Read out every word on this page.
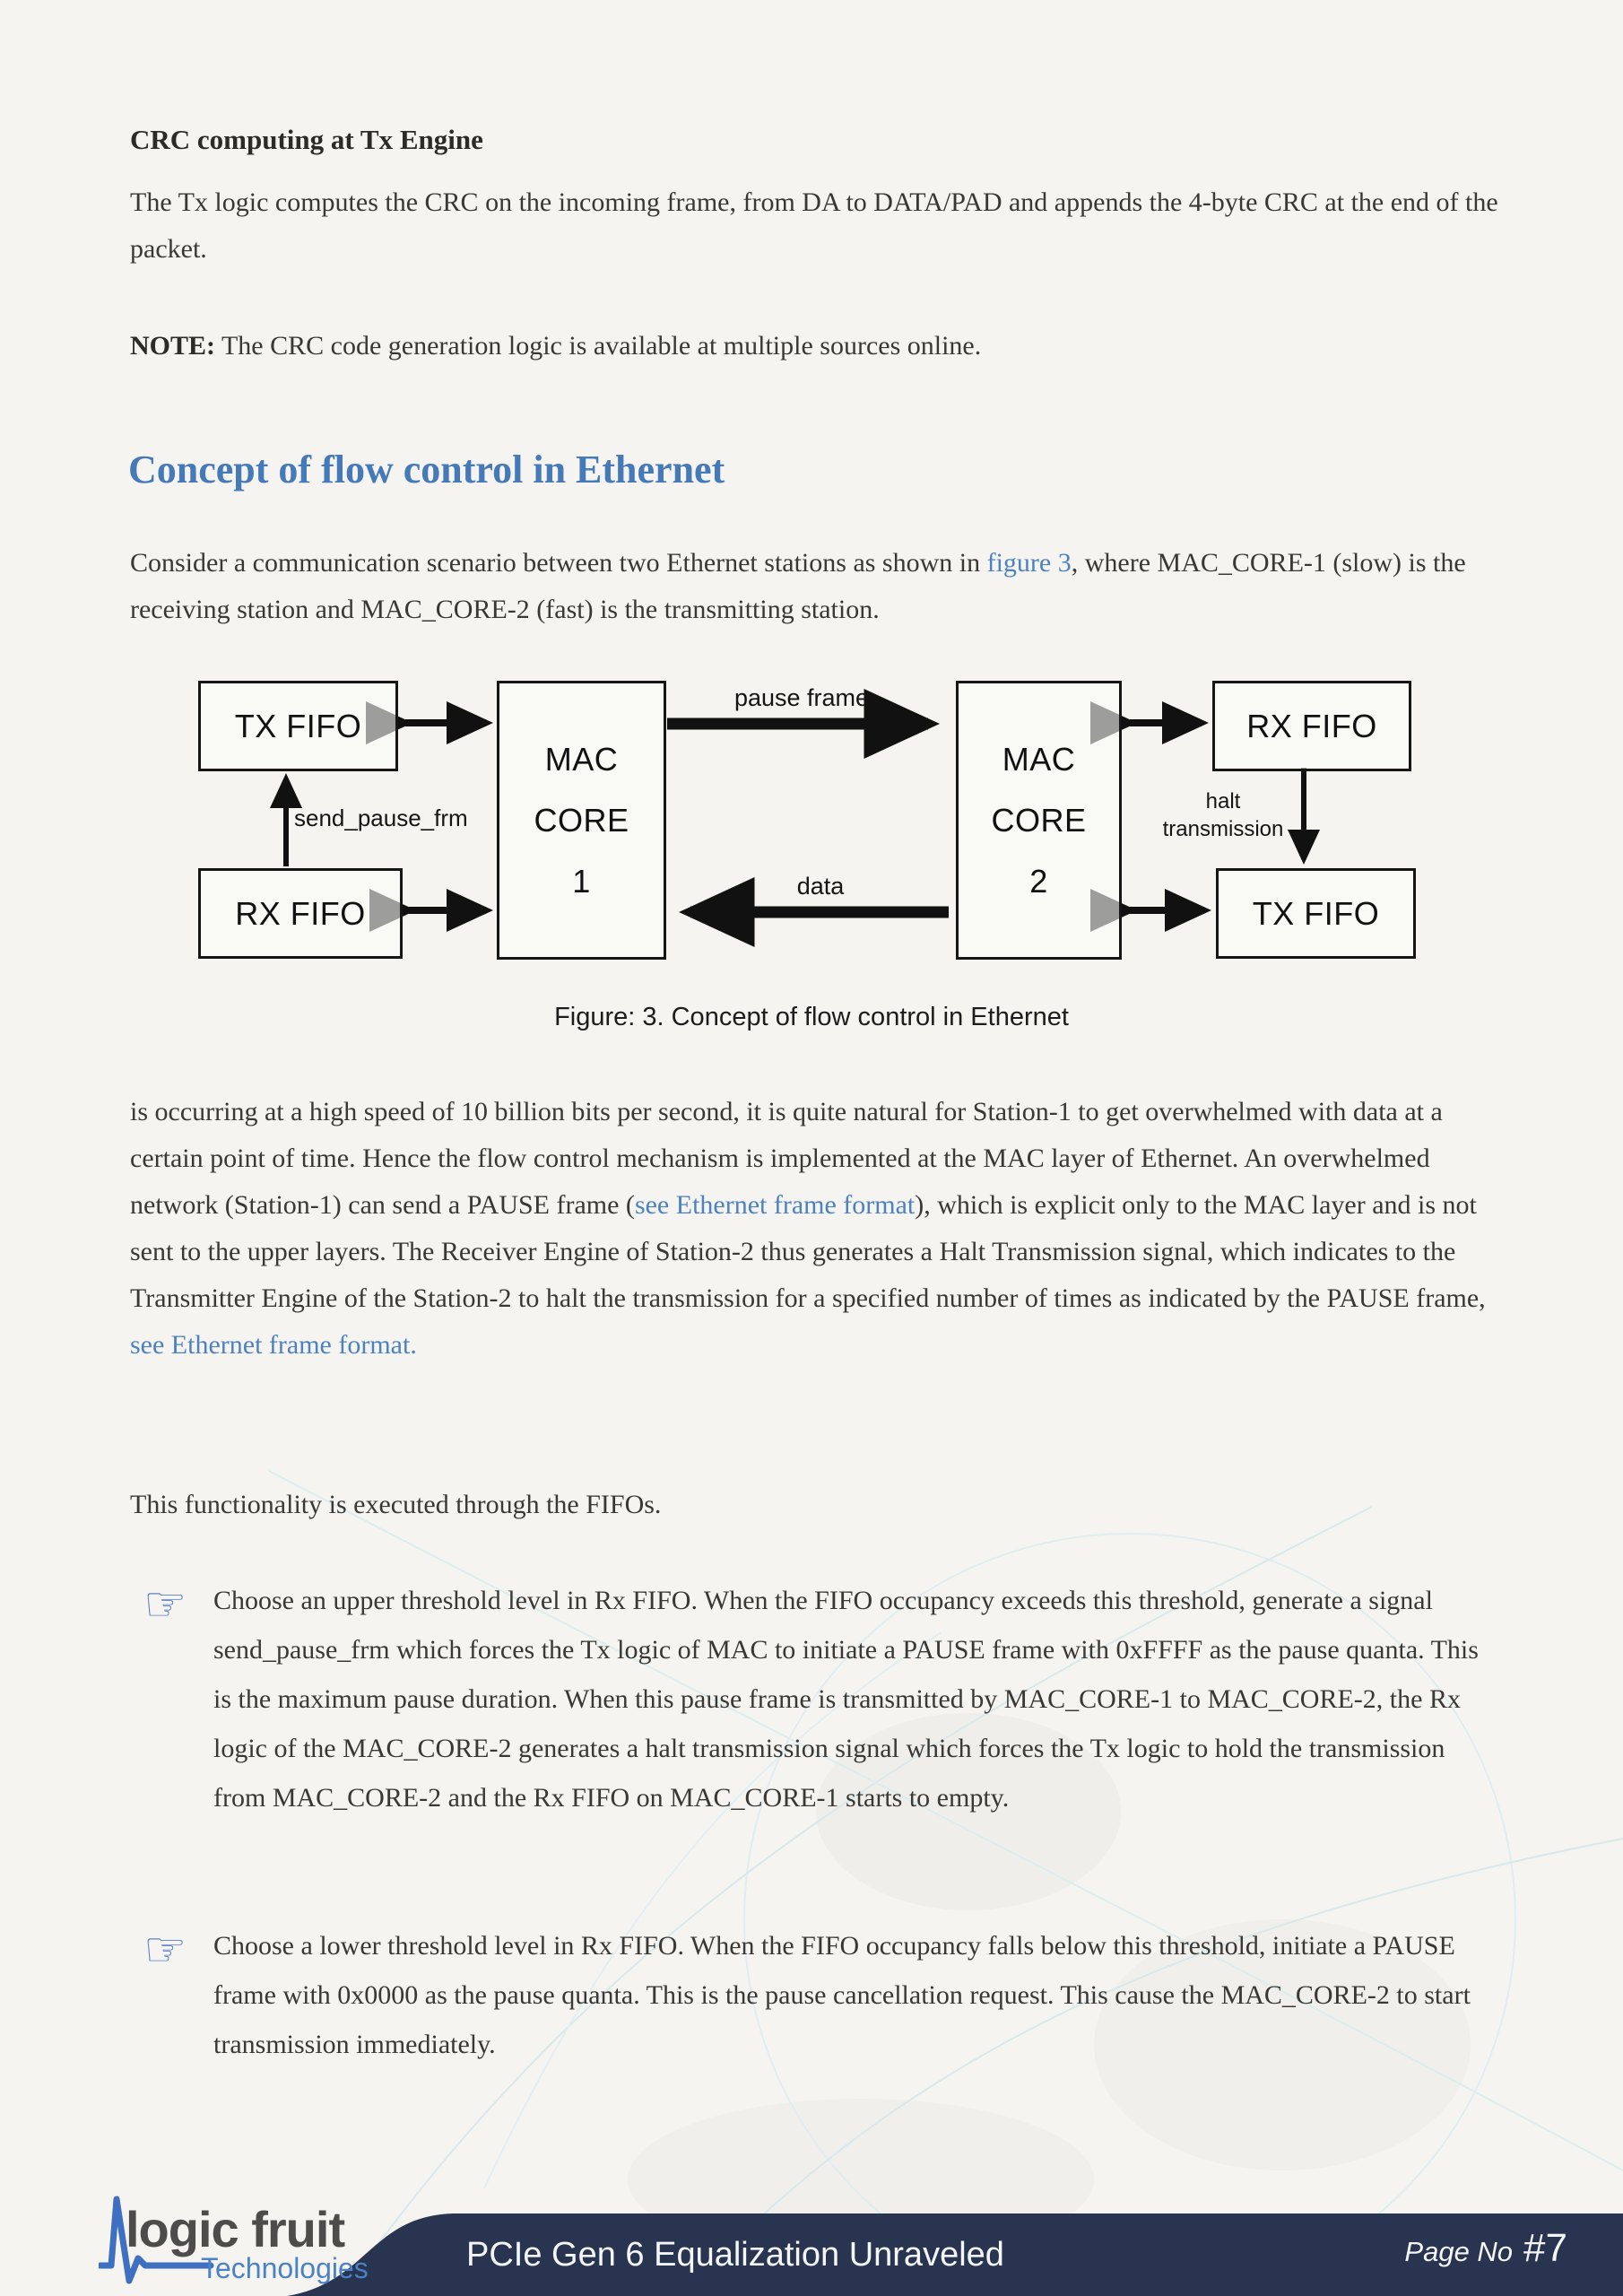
CRC computing at Tx Engine
The Tx logic computes the CRC on the incoming frame, from DA to DATA/PAD and appends the 4-byte CRC at the end of the packet.
NOTE: The CRC code generation logic is available at multiple sources online.
Concept of flow control in Ethernet
Consider a communication scenario between two Ethernet stations as shown in figure 3, where MAC_CORE-1 (slow) is the receiving station and MAC_CORE-2 (fast) is the transmitting station.
TX FIFO
MAC
CORE
1
RX FIFO
MAC
CORE
2
RX FIFO
TX FIFO
pause frame
data
send_pause_frm
halt
transmission
Figure: 3. Concept of flow control in Ethernet
is occurring at a high speed of 10 billion bits per second, it is quite natural for Station-1 to get overwhelmed with data at a certain point of time. Hence the flow control mechanism is implemented at the MAC layer of Ethernet. An overwhelmed network (Station-1) can send a PAUSE frame (see Ethernet frame format), which is explicit only to the MAC layer and is not sent to the upper layers. The Receiver Engine of Station-2 thus generates a Halt Transmission signal, which indicates to the Transmitter Engine of the Station-2 to halt the transmission for a specified number of times as indicated by the PAUSE frame, see Ethernet frame format.
This functionality is executed through the FIFOs.
☞ Choose an upper threshold level in Rx FIFO. When the FIFO occupancy exceeds this threshold, generate a signal send_pause_frm which forces the Tx logic of MAC to initiate a PAUSE frame with 0xFFFF as the pause quanta. This is the maximum pause duration. When this pause frame is transmitted by MAC_CORE-1 to MAC_CORE-2, the Rx logic of the MAC_CORE-2 generates a halt transmission signal which forces the Tx logic to hold the transmission from MAC_CORE-2 and the Rx FIFO on MAC_CORE-1 starts to empty.
☞ Choose a lower threshold level in Rx FIFO. When the FIFO occupancy falls below this threshold, initiate a PAUSE frame with 0x0000 as the pause quanta. This is the pause cancellation request. This cause the MAC_CORE-2 to start transmission immediately.
logic fruit
Technologies	PCIe Gen 6 Equalization Unraveled	Page No #7
